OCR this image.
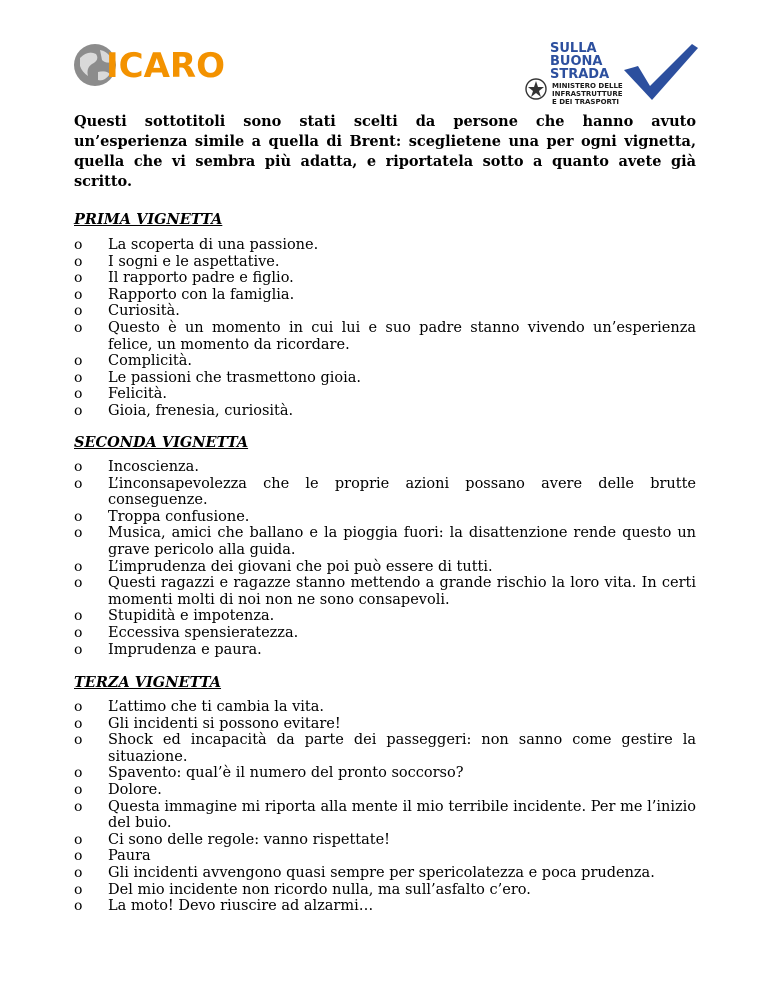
ICARO	SULLA
BUONA
STRADA
MINISTERO DELLE
INFRASTRUTTURE
E DEI TRASPORTI
Questi sottotitoli sono stati scelti da persone che hanno avuto un’esperienza simile a quella di Brent: sceglietene una per ogni vignetta, quella che vi sembra più adatta, e riportatela sotto a quanto avete già scritto.
PRIMA VIGNETTA
o La scoperta di una passione.
o I sogni e le aspettative.
o Il rapporto padre e figlio.
o Rapporto con la famiglia.
o Curiosità.
o Questo è un momento in cui lui e suo padre stanno vivendo un’esperienza felice, un momento da ricordare.
o Complicità.
o Le passioni che trasmettono gioia.
o Felicità.
o Gioia, frenesia, curiosità.
SECONDA VIGNETTA
o Incoscienza.
o L’inconsapevolezza che le proprie azioni possano avere delle brutte conseguenze.
o Troppa confusione.
o Musica, amici che ballano e la pioggia fuori: la disattenzione rende questo un grave pericolo alla guida.
o L’imprudenza dei giovani che poi può essere di tutti.
o Questi ragazzi e ragazze stanno mettendo a grande rischio la loro vita. In certi momenti molti di noi non ne sono consapevoli.
o Stupidità e impotenza.
o Eccessiva spensieratezza.
o Imprudenza e paura.
TERZA VIGNETTA
o L’attimo che ti cambia la vita.
o Gli incidenti si possono evitare!
o Shock ed incapacità da parte dei passeggeri: non sanno come gestire la situazione.
o Spavento: qual’è il numero del pronto soccorso?
o Dolore.
o Questa immagine mi riporta alla mente il mio terribile incidente. Per me l’inizio del buio.
o Ci sono delle regole: vanno rispettate!
o Paura
o Gli incidenti avvengono quasi sempre per spericolatezza e poca prudenza.
o Del mio incidente non ricordo nulla, ma sull’asfalto c’ero.
o La moto! Devo riuscire ad alzarmi…
